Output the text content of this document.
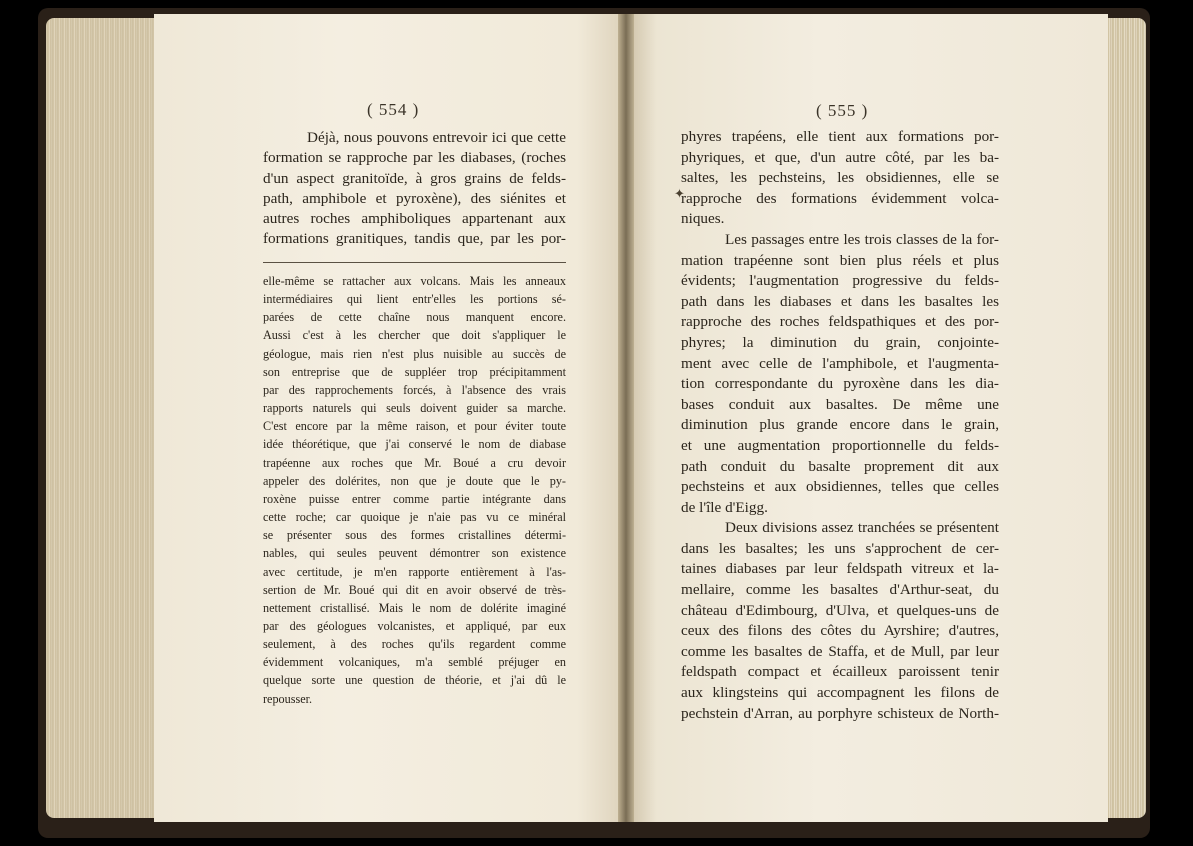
( 554 )
Déjà, nous pouvons entrevoir ici que cette
formation se rapproche par les diabases, (roches
d'un aspect granitoïde, à gros grains de felds-
path, amphibole et pyroxène), des siénites et
autres roches amphiboliques appartenant aux
formations granitiques, tandis que, par les por-
elle-même se rattacher aux volcans. Mais les anneaux
intermédiaires qui lient entr'elles les portions sé-
parées de cette chaîne nous manquent encore.
Aussi c'est à les chercher que doit s'appliquer le
géologue, mais rien n'est plus nuisible au succès de
son entreprise que de suppléer trop précipitamment
par des rapprochements forcés, à l'absence des vrais
rapports naturels qui seuls doivent guider sa marche.
C'est encore par la même raison, et pour éviter toute
idée théorétique, que j'ai conservé le nom de diabase
trapéenne aux roches que Mr. Boué a cru devoir
appeler des dolérites, non que je doute que le py-
roxène puisse entrer comme partie intégrante dans
cette roche; car quoique je n'aie pas vu ce minéral
se présenter sous des formes cristallines détermi-
nables, qui seules peuvent démontrer son existence
avec certitude, je m'en rapporte entièrement à l'as-
sertion de Mr. Boué qui dit en avoir observé de très-
nettement cristallisé. Mais le nom de dolérite imaginé
par des géologues volcanistes, et appliqué, par eux
seulement, à des roches qu'ils regardent comme
évidemment volcaniques, m'a semblé préjuger en
quelque sorte une question de théorie, et j'ai dû le
repousser.
( 555 )
✦
phyres trapéens, elle tient aux formations por-
phyriques, et que, d'un autre côté, par les ba-
saltes, les pechsteins, les obsidiennes, elle se
rapproche des formations évidemment volca-
niques.
Les passages entre les trois classes de la for-
mation trapéenne sont bien plus réels et plus
évidents; l'augmentation progressive du felds-
path dans les diabases et dans les basaltes les
rapproche des roches feldspathiques et des por-
phyres; la diminution du grain, conjointe-
ment avec celle de l'amphibole, et l'augmenta-
tion correspondante du pyroxène dans les dia-
bases conduit aux basaltes. De même une
diminution plus grande encore dans le grain,
et une augmentation proportionnelle du felds-
path conduit du basalte proprement dit aux
pechsteins et aux obsidiennes, telles que celles
de l'île d'Eigg.
Deux divisions assez tranchées se présentent
dans les basaltes; les uns s'approchent de cer-
taines diabases par leur feldspath vitreux et la-
mellaire, comme les basaltes d'Arthur-seat, du
château d'Edimbourg, d'Ulva, et quelques-uns de
ceux des filons des côtes du Ayrshire; d'autres,
comme les basaltes de Staffa, et de Mull, par leur
feldspath compact et écailleux paroissent tenir
aux klingsteins qui accompagnent les filons de
pechstein d'Arran, au porphyre schisteux de North-
